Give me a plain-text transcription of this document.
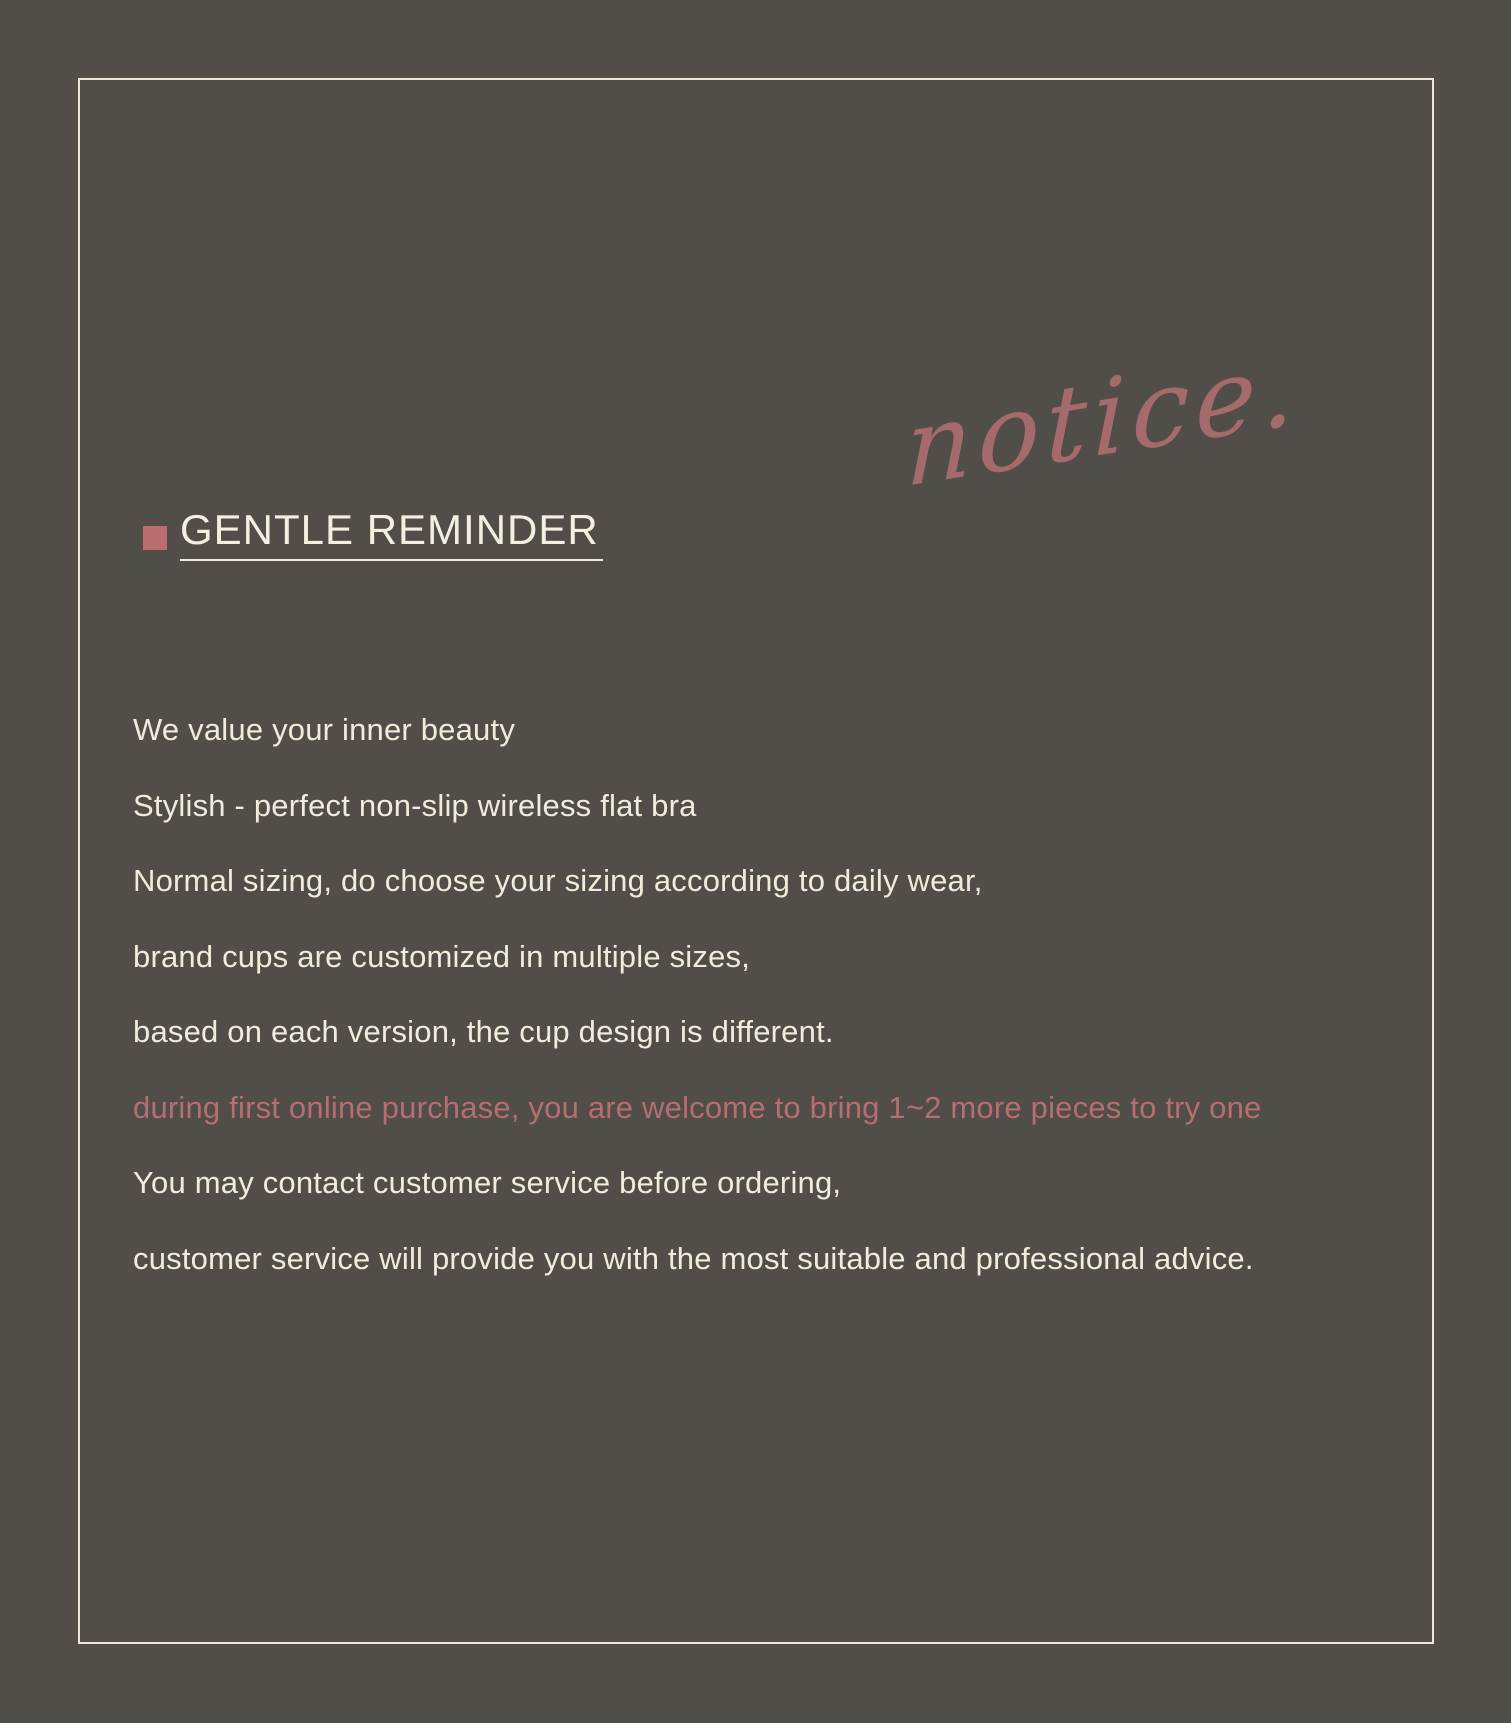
GENTLE REMINDER
notice.

We value your inner beauty

Stylish - perfect non-slip wireless flat bra

Normal sizing, do choose your sizing according to daily wear,

brand cups are customized in multiple sizes,

based on each version, the cup design is different.

during first online purchase, you are welcome to bring 1~2 more pieces to try one

You may contact customer service before ordering,

customer service will provide you with the most suitable and professional advice.
